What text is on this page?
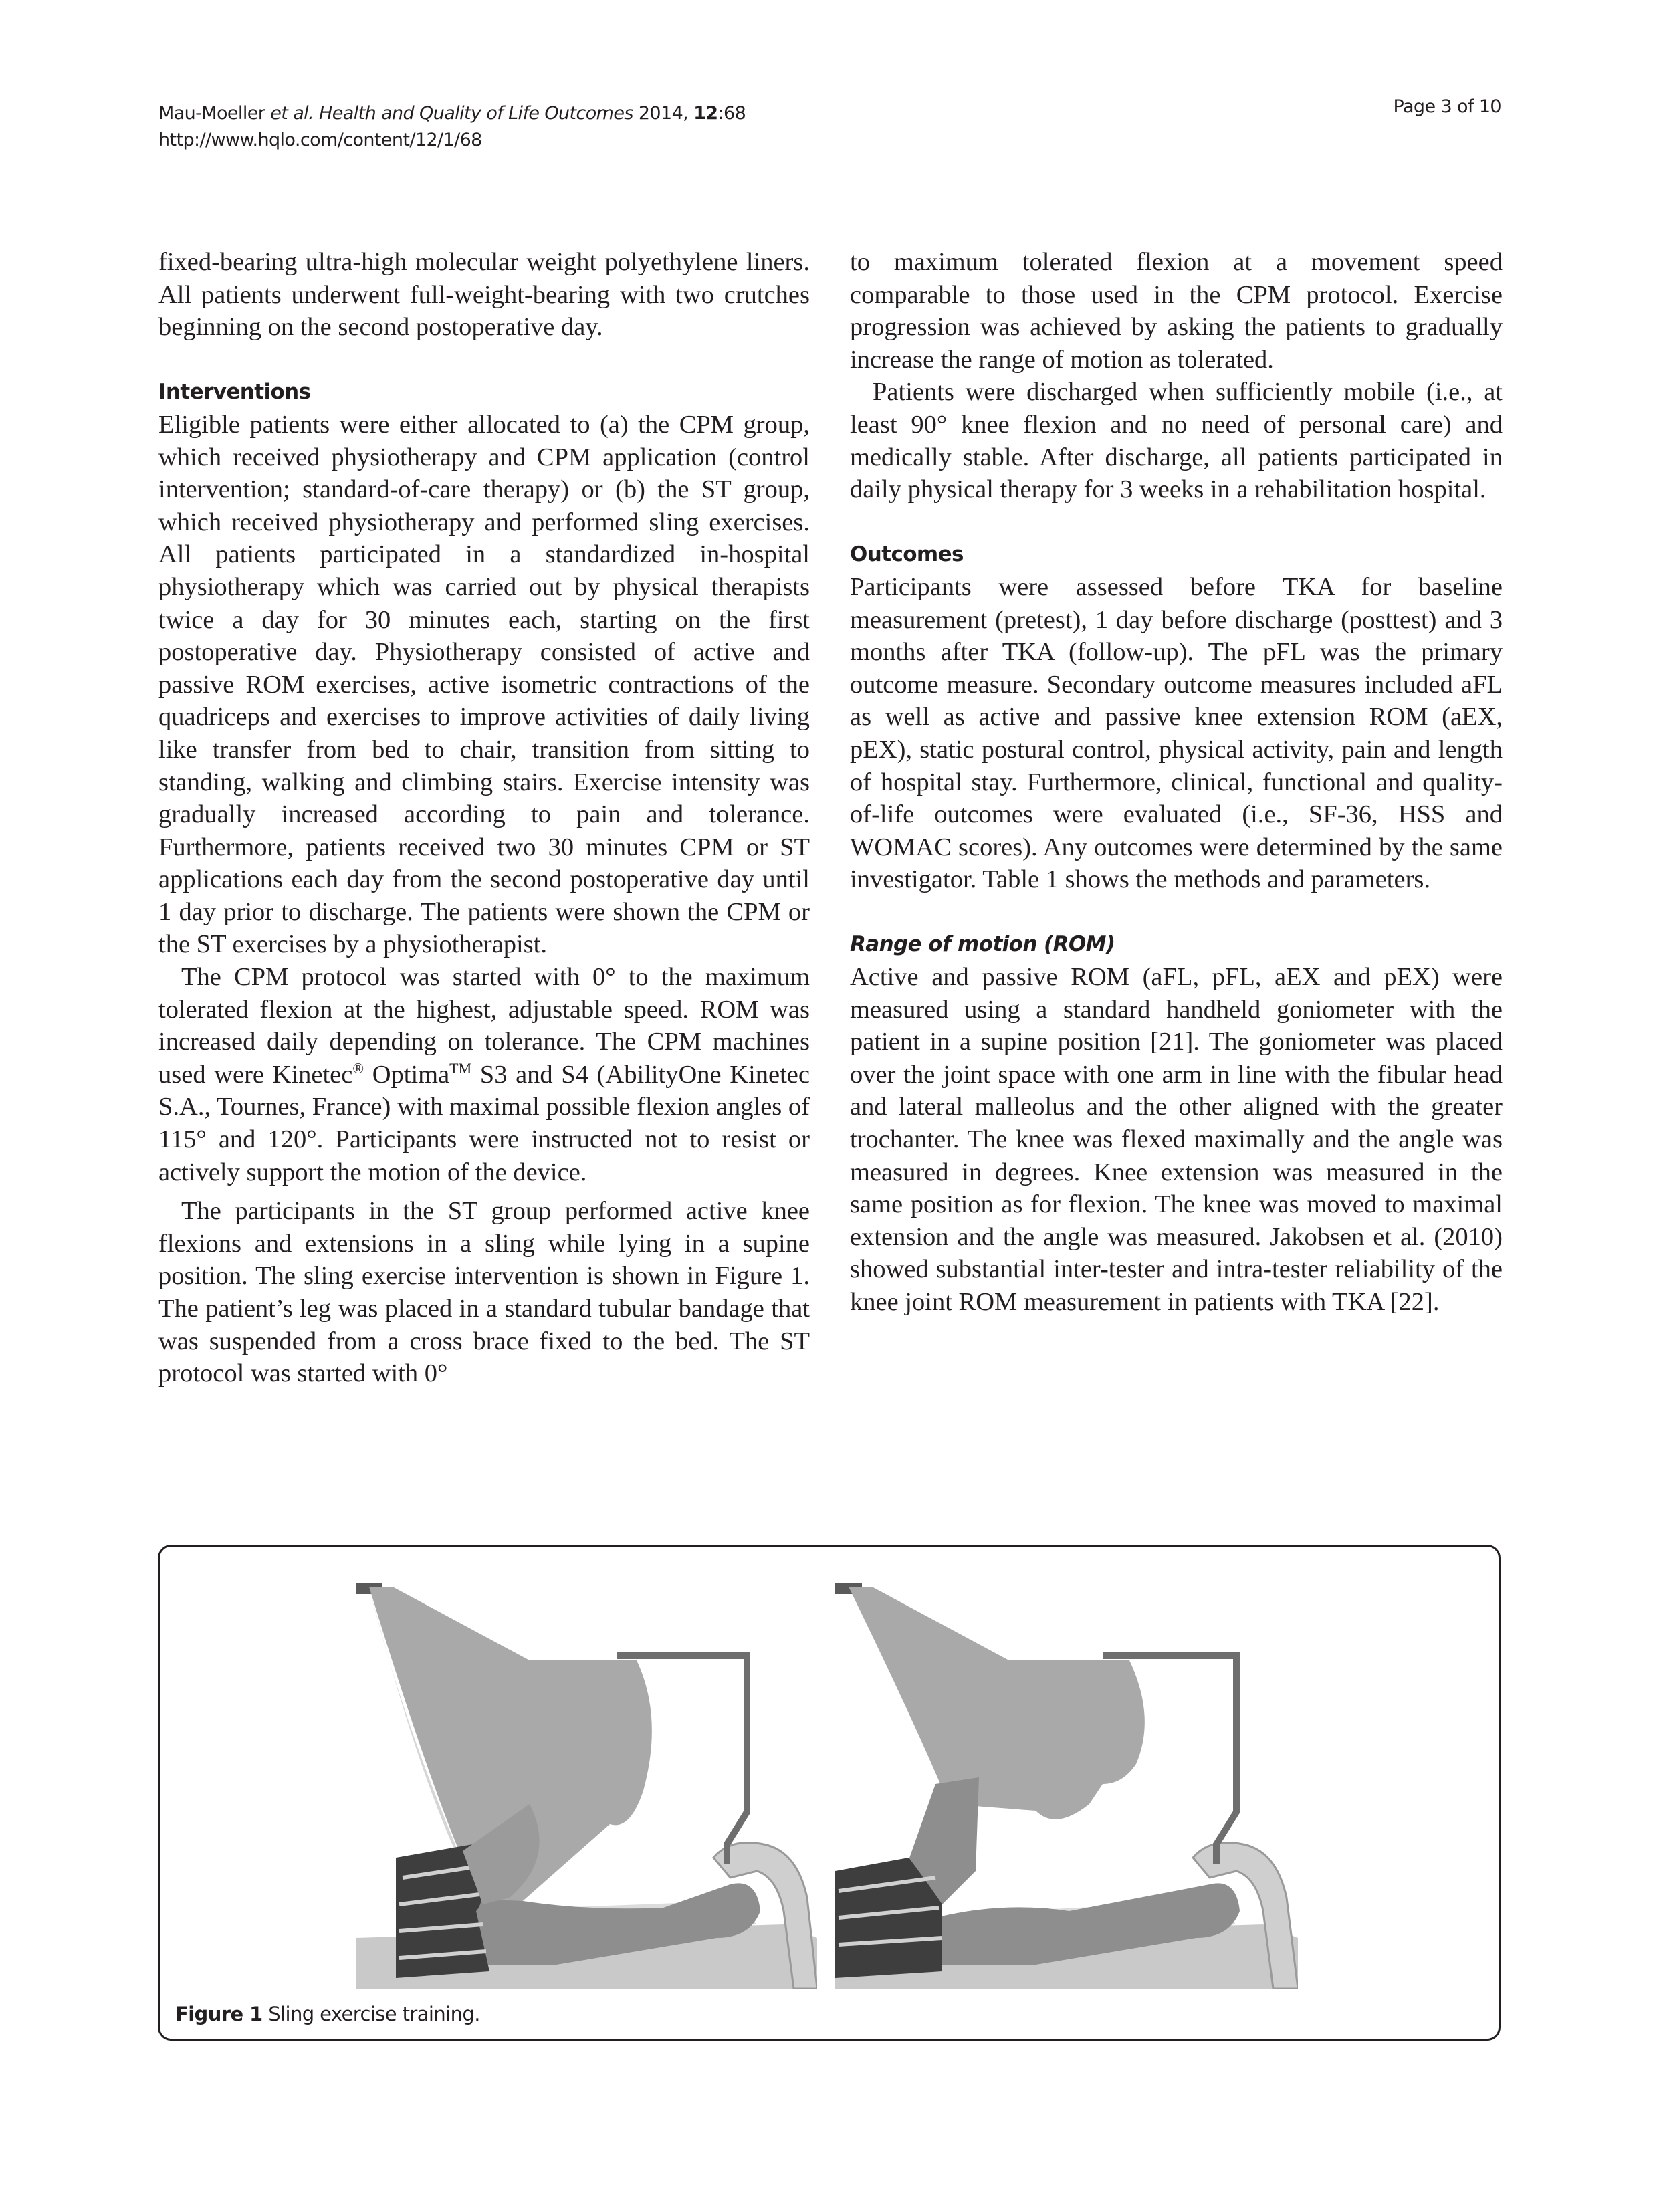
Mau-Moeller et al. Health and Quality of Life Outcomes 2014, 12:68
http://www.hqlo.com/content/12/1/68
Page 3 of 10

fixed-bearing ultra-high molecular weight polyethylene liners. All patients underwent full-weight-bearing with two crutches beginning on the second postoperative day.

Interventions

Eligible patients were either allocated to (a) the CPM group, which received physiotherapy and CPM application (control intervention; standard-of-care therapy) or (b) the ST group, which received physiotherapy and performed sling exercises. All patients participated in a standardized in-hospital physiotherapy which was carried out by physical therapists twice a day for 30 minutes each, starting on the first postoperative day. Physiotherapy consisted of active and passive ROM exercises, active isometric contractions of the quadriceps and exercises to improve activities of daily living like transfer from bed to chair, transition from sitting to standing, walking and climbing stairs. Exercise intensity was gradually increased according to pain and tolerance. Furthermore, patients received two 30 minutes CPM or ST applications each day from the second postoperative day until 1 day prior to discharge. The patients were shown the CPM or the ST exercises by a physiotherapist.

The CPM protocol was started with 0° to the maximum tolerated flexion at the highest, adjustable speed. ROM was increased daily depending on tolerance. The CPM machines used were Kinetec® Optima™ S3 and S4 (AbilityOne Kinetec S.A., Tournes, France) with maximal possible flexion angles of 115° and 120°. Participants were instructed not to resist or actively support the motion of the device.

The participants in the ST group performed active knee flexions and extensions in a sling while lying in a supine position. The sling exercise intervention is shown in Figure 1. The patient’s leg was placed in a standard tubular bandage that was suspended from a cross brace fixed to the bed. The ST protocol was started with 0°

to maximum tolerated flexion at a movement speed comparable to those used in the CPM protocol. Exercise progression was achieved by asking the patients to gradually increase the range of motion as tolerated.

Patients were discharged when sufficiently mobile (i.e., at least 90° knee flexion and no need of personal care) and medically stable. After discharge, all patients participated in daily physical therapy for 3 weeks in a rehabilitation hospital.

Outcomes

Participants were assessed before TKA for baseline measurement (pretest), 1 day before discharge (posttest) and 3 months after TKA (follow-up). The pFL was the primary outcome measure. Secondary outcome measures included aFL as well as active and passive knee extension ROM (aEX, pEX), static postural control, physical activity, pain and length of hospital stay. Furthermore, clinical, functional and quality-of-life outcomes were evaluated (i.e., SF-36, HSS and WOMAC scores). Any outcomes were determined by the same investigator. Table 1 shows the methods and parameters.

Range of motion (ROM)

Active and passive ROM (aFL, pFL, aEX and pEX) were measured using a standard handheld goniometer with the patient in a supine position [21]. The goniometer was placed over the joint space with one arm in line with the fibular head and lateral malleolus and the other aligned with the greater trochanter. The knee was flexed maximally and the angle was measured in degrees. Knee extension was measured in the same position as for flexion. The knee was moved to maximal extension and the angle was measured. Jakobsen et al. (2010) showed substantial inter-tester and intra-tester reliability of the knee joint ROM measurement in patients with TKA [22].

Figure 1 Sling exercise training.
